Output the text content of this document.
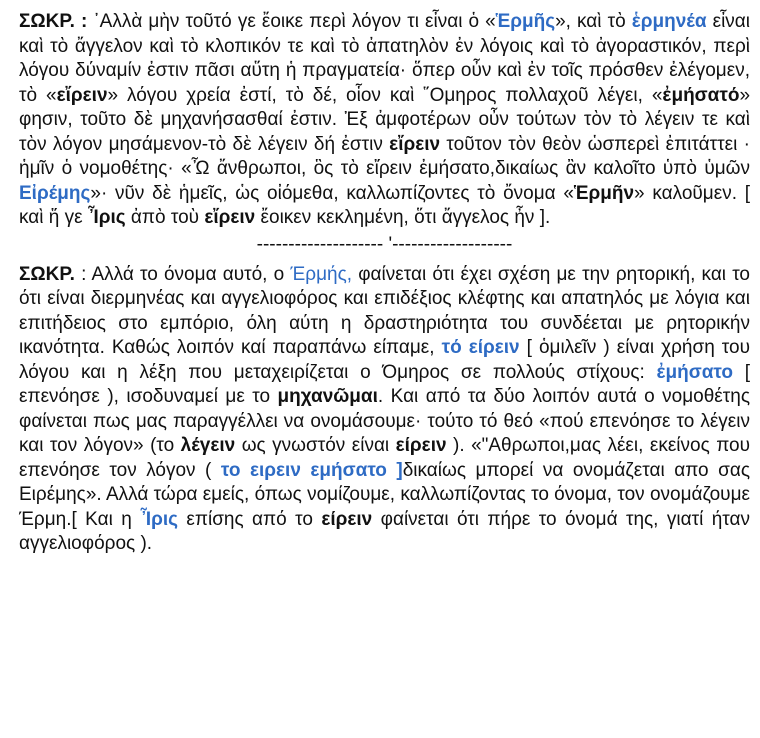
ΣΩΚΡ. : ᾽Αλλὰ μὴν τοῦτό γε ἔοικε περὶ λόγον τι εἶναι ὁ «Ἑρμῆς», καὶ τὸ ἑρμηνέα εἶναι καὶ τὸ ἄγγελον καὶ τὸ κλοπικόν τε καὶ τὸ ἀπατηλὸν ἐν λόγοις καὶ τὸ ἀγοραστικόν, περὶ λόγου δύναμίν ἐστιν πᾶσι αὕτη ἡ πραγματεία· ὅπερ οὖν καὶ ἐν τοῖς πρόσθεν ἐλέγομεν, τὸ «εἴρειν» λόγου χρεία ἐστί, τὸ δέ, οἷον καὶ ῞Ομηρος πολλαχοῦ λέγει, «ἐμήσατό» φησιν, τοῦτο δὲ μηχανήσασθαί ἐστιν. Ἐξ ἀμφοτέρων οὖν τούτων τὸν τὸ λέγειν τε καὶ τὸν λόγον μησάμενον-τὸ δὲ λέγειν δή ἐστιν εἴρειν τοῦτον τὸν θεὸν ὡσπερεὶ ἐπιτάττει · ἡμῖν ὁ νομοθέτης· «Ὦ ἄνθρωποι, ὃς τὸ εἴρειν ἐμήσατο,δικαίως ἂν καλοῖτο ὑπὸ ὑμῶν Εἰρέμης»· νῦν δὲ ἡμεῖς, ὡς οἰόμεθα, καλλωπίζοντες τὸ ὄνομα «Ἑρμῆν» καλοῦμεν. [ καὶ ἥ γε Ἶρις ἀπὸ τοὺ εἴρειν ἔοικεν κεκλημένη, ὅτι ἄγγελος ἦν ].

-------------------- '-------------------

ΣΩΚΡ. : Αλλά το όνομα αυτό, ο Έρμής, φαίνεται ότι έχει σχέση με την ρητορική, και το ότι είναι διερμηνέας και αγγελιοφόρος και επιδέξιος κλέφτης και απατηλός με λόγια και επιτήδειος στο εμπόριο, όλη αύτη η δραστηριότητα του συνδέεται με ρητορικήν ικανότητα. Καθώς λοιπόν καί παραπάνω είπαμε, τό είρειν [ ὁμιλεῖν ) είναι χρήση του λόγου και η λέξη που μεταχειρίζεται ο Όμηρος σε πολλούς στίχους: ἐμήσατο [ επενόησε ), ισοδυναμεί με το μηχανῶμαι. Και από τα δύο λοιπόν αυτά ο νομοθέτης φαίνεται πως μας παραγγέλλει να ονομάσουμε· τούτο τό θεό «πού επενόησε το λέγειν και τον λόγον» (το λέγειν ως γνωστόν είναι είρειν ). «"Αθρωποι,μας λέει, εκείνος που επενόησε τον λόγον ( το ειρειν εμήσατο ]δικαίως μπορεί να ονομάζεται απο σας Ειρέμης». Αλλά τώρα εμείς, όπως νομίζουμε, καλλωπίζοντας το όνομα, τον ονομάζουμε Έρμη.[ Και η Ἶρις επίσης από το είρειν φαίνεται ότι πήρε το όνομά της, γιατί ήταν αγγελιοφόρος ).
